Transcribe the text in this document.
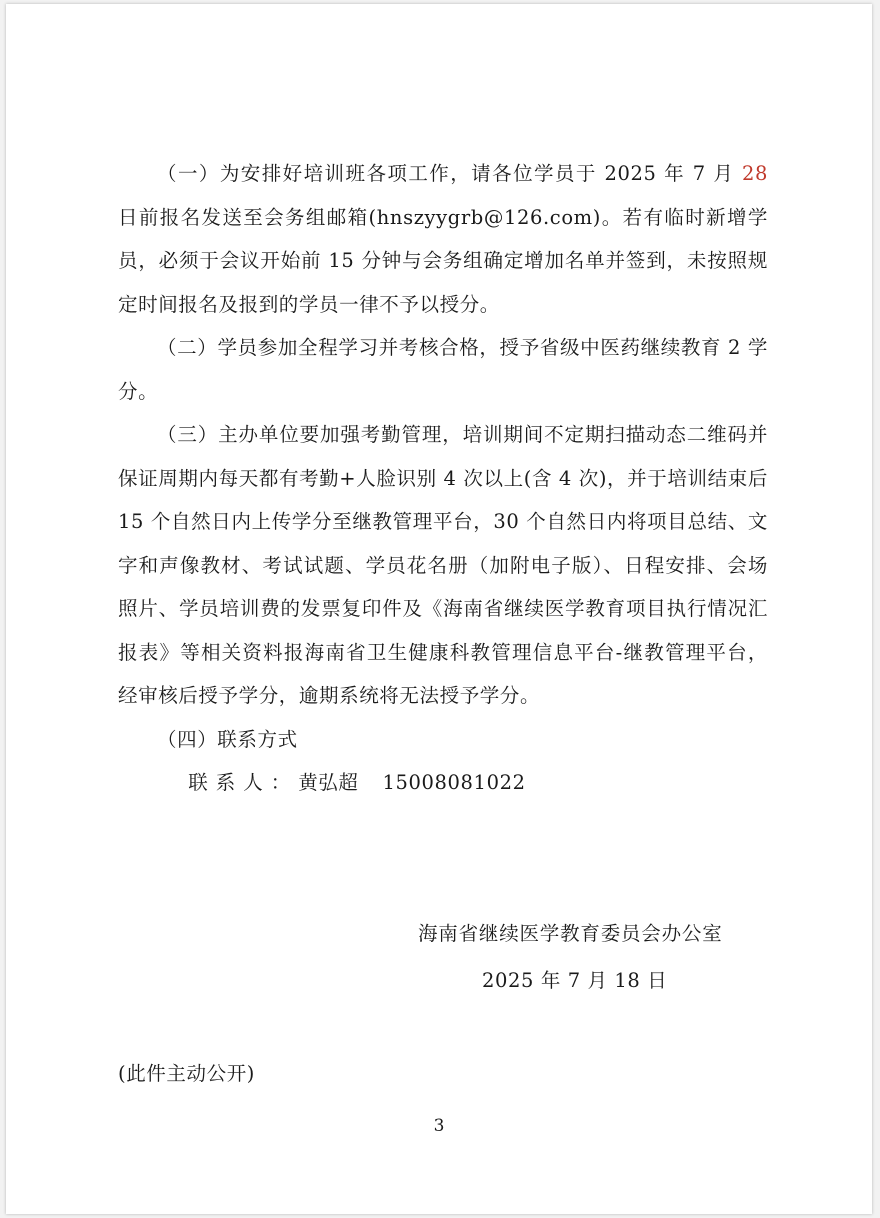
（一）为安排好培训班各项工作，请各位学员于 2025 年 7 月 28 日前报名发送至会务组邮箱(hnszyygrb@126.com)。若有临时新增学员，必须于会议开始前 15 分钟与会务组确定增加名单并签到，未按照规定时间报名及报到的学员一律不予以授分。

（二）学员参加全程学习并考核合格，授予省级中医药继续教育 2 学分。

（三）主办单位要加强考勤管理，培训期间不定期扫描动态二维码并保证周期内每天都有考勤+人脸识别 4 次以上(含 4 次)，并于培训结束后 15 个自然日内上传学分至继教管理平台，30 个自然日内将项目总结、文字和声像教材、考试试题、学员花名册（加附电子版）、日程安排、会场照片、学员培训费的发票复印件及《海南省继续医学教育项目执行情况汇报表》等相关资料报海南省卫生健康科教管理信息平台-继教管理平台，经审核后授予学分，逾期系统将无法授予学分。

（四）联系方式

联系人：黄弘超 15008081022

海南省继续医学教育委员会办公室
2025 年 7 月 18 日
(此件主动公开)
3
